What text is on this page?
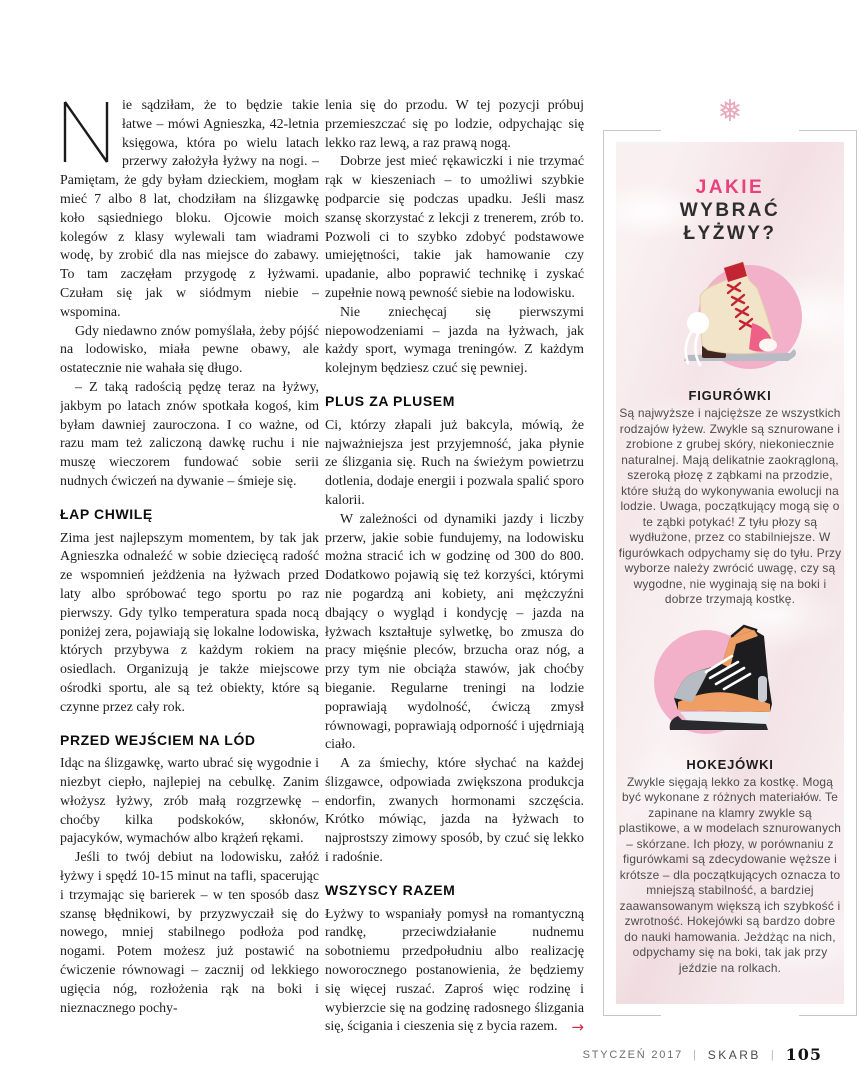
ie sądziłam, że to będzie takie łatwe – mówi Agnieszka, 42-letnia księgowa, która po wielu latach przerwy założyła łyżwy na nogi. – Pamiętam, że gdy byłam dzieckiem, mogłam mieć 7 albo 8 lat, chodziłam na ślizgawkę koło sąsiedniego bloku. Ojcowie moich kolegów z klasy wylewali tam wiadrami wodę, by zrobić dla nas miejsce do zabawy. To tam zaczęłam przygodę z łyżwami. Czułam się jak w siódmym niebie – wspomina.

Gdy niedawno znów pomyślała, żeby pójść na lodowisko, miała pewne obawy, ale ostatecznie nie wahała się długo.

– Z taką radością pędzę teraz na łyżwy, jakbym po latach znów spotkała kogoś, kim byłam dawniej zauroczona. I co ważne, od razu mam też zaliczoną dawkę ruchu i nie muszę wieczorem fundować sobie serii nudnych ćwiczeń na dywanie – śmieje się.

ŁAP CHWILĘ

Zima jest najlepszym momentem, by tak jak Agnieszka odnaleźć w sobie dziecięcą radość ze wspomnień jeżdżenia na łyżwach przed laty albo spróbować tego sportu po raz pierwszy. Gdy tylko temperatura spada nocą poniżej zera, pojawiają się lokalne lodowiska, których przybywa z każdym rokiem na osiedlach. Organizują je także miejscowe ośrodki sportu, ale są też obiekty, które są czynne przez cały rok.

PRZED WEJŚCIEM NA LÓD

Idąc na ślizgawkę, warto ubrać się wygodnie i niezbyt ciepło, najlepiej na cebulkę. Zanim włożysz łyżwy, zrób małą rozgrzewkę – choćby kilka podskoków, skłonów, pajacyków, wymachów albo krążeń rękami.

Jeśli to twój debiut na lodowisku, załóż łyżwy i spędź 10-15 minut na tafli, spacerując i trzymając się barierek – w ten sposób dasz szansę błędnikowi, by przyzwyczaił się do nowego, mniej stabilnego podłoża pod nogami. Potem możesz już postawić na ćwiczenie równowagi – zacznij od lekkiego ugięcia nóg, rozłożenia rąk na boki i nieznacznego pochy-

lenia się do przodu. W tej pozycji próbuj przemieszczać się po lodzie, odpychając się lekko raz lewą, a raz prawą nogą.

Dobrze jest mieć rękawiczki i nie trzymać rąk w kieszeniach – to umożliwi szybkie podparcie się podczas upadku. Jeśli masz szansę skorzystać z lekcji z trenerem, zrób to. Pozwoli ci to szybko zdobyć podstawowe umiejętności, takie jak hamowanie czy upadanie, albo poprawić technikę i zyskać zupełnie nową pewność siebie na lodowisku.

Nie zniechęcaj się pierwszymi niepowodzeniami – jazda na łyżwach, jak każdy sport, wymaga treningów. Z każdym kolejnym będziesz czuć się pewniej.

PLUS ZA PLUSEM

Ci, którzy złapali już bakcyla, mówią, że najważniejsza jest przyjemność, jaka płynie ze ślizgania się. Ruch na świeżym powietrzu dotlenia, dodaje energii i pozwala spalić sporo kalorii.

W zależności od dynamiki jazdy i liczby przerw, jakie sobie fundujemy, na lodowisku można stracić ich w godzinę od 300 do 800. Dodatkowo pojawią się też korzyści, którymi nie pogardzą ani kobiety, ani mężczyźni dbający o wygląd i kondycję – jazda na łyżwach kształtuje sylwetkę, bo zmusza do pracy mięśnie pleców, brzucha oraz nóg, a przy tym nie obciąża stawów, jak choćby bieganie. Regularne treningi na lodzie poprawiają wydolność, ćwiczą zmysł równowagi, poprawiają odporność i ujędrniają ciało.

A za śmiechy, które słychać na każdej ślizgawce, odpowiada zwiększona produkcja endorfin, zwanych hormonami szczęścia. Krótko mówiąc, jazda na łyżwach to najprostszy zimowy sposób, by czuć się lekko i radośnie.

WSZYSCY RAZEM

Łyżwy to wspaniały pomysł na romantyczną randkę, przeciwdziałanie nudnemu sobotniemu przedpołudniu albo realizację noworocznego postanowienia, że będziemy się więcej ruszać. Zaproś więc rodzinę i wybierzcie się na godzinę radosnego ślizgania się, ścigania i cieszenia się z bycia razem. →

❅
JAKIE
WYBRAĆ
ŁYŻWY?
FIGURÓWKI

Są najwyższe i najcięższe ze wszystkich rodzajów łyżew. Zwykle są sznurowane i zrobione z grubej skóry, niekoniecznie naturalnej. Mają delikatnie zaokrągloną, szeroką płozę z ząbkami na przodzie, które służą do wykonywania ewolucji na lodzie. Uwaga, początkujący mogą się o te ząbki potykać! Z tyłu płozy są wydłużone, przez co stabilniejsze. W figurówkach odpychamy się do tyłu. Przy wyborze należy zwrócić uwagę, czy są wygodne, nie wyginają się na boki i dobrze trzymają kostkę.

HOKEJÓWKI

Zwykle sięgają lekko za kostkę. Mogą być wykonane z różnych materiałów. Te zapinane na klamry zwykle są plastikowe, a w modelach sznurowanych – skórzane. Ich płozy, w porównaniu z figurówkami są zdecydowanie węższe i krótsze – dla początkujących oznacza to mniejszą stabilność, a bardziej zaawansowanym większą ich szybkość i zwrotność. Hokejówki są bardzo dobre do nauki hamowania. Jeżdżąc na nich, odpychamy się na boki, tak jak przy jeździe na rolkach.

STYCZEŃ 2017 | SKARB | 105
